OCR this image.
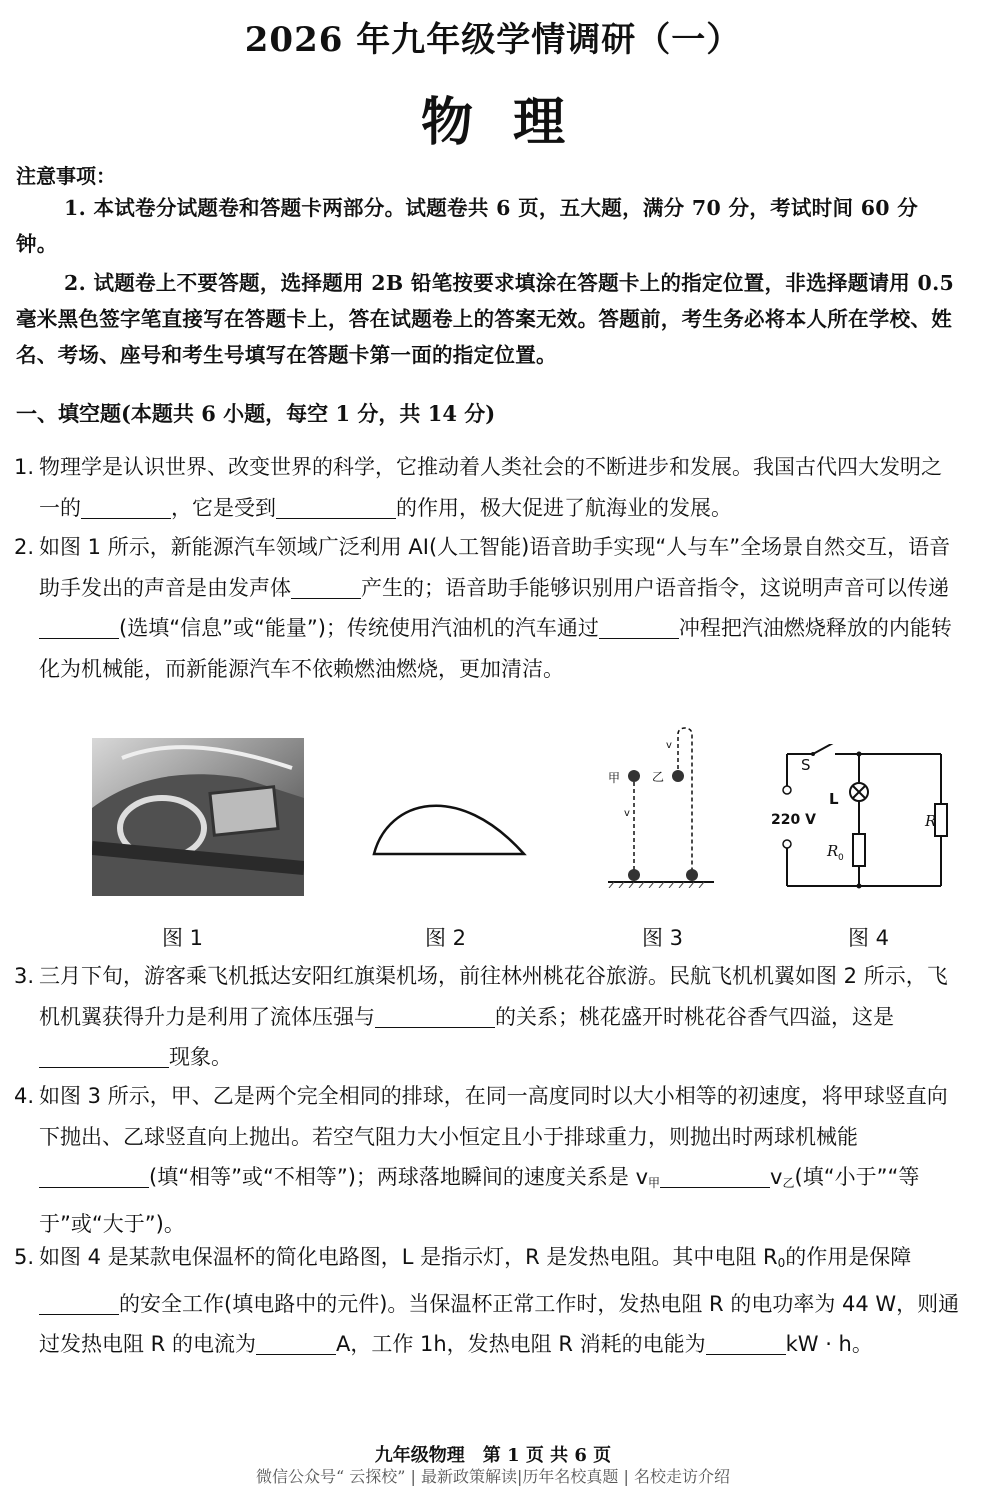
2026 年九年级学情调研（一）
物理
注意事项：
1. 本试卷分试题卷和答题卡两部分。试题卷共 6 页，五大题，满分 70 分，考试时间 60 分钟。
2. 试题卷上不要答题，选择题用 2B 铅笔按要求填涂在答题卡上的指定位置，非选择题请用 0.5 毫米黑色签字笔直接写在答题卡上，答在试题卷上的答案无效。答题前，考生务必将本人所在学校、姓名、考场、座号和考生号填写在答题卡第一面的指定位置。
一、填空题(本题共 6 小题，每空 1 分，共 14 分)
1. 物理学是认识世界、改变世界的科学，它推动着人类社会的不断进步和发展。我国古代四大发明之一的	，它是受到	的作用，极大促进了航海业的发展。
2. 如图 1 所示，新能源汽车领域广泛利用 AI(人工智能)语音助手实现“人与车”全场景自然交互，语音助手发出的声音是由发声体	产生的；语音助手能够识别用户语音指令，这说明声音可以传递(选填“信息”或“能量”)；传统使用汽油机的汽车通过	冲程把汽油燃烧释放的内能转化为机械能，而新能源汽车不依赖燃油燃烧，更加清洁。
甲	乙
v
v
S
L
220 V
R 0
R
图 1	图 2	图 3	图 4
3. 三月下旬，游客乘飞机抵达安阳红旗渠机场，前往林州桃花谷旅游。民航飞机机翼如图 2 所示，飞机机翼获得升力是利用了流体压强与	的关系；桃花盛开时桃花谷香气四溢，这是现象。
4. 如图 3 所示，甲、乙是两个完全相同的排球，在同一高度同时以大小相等的初速度，将甲球竖直向下抛出、乙球竖直向上抛出。若空气阻力大小恒定且小于排球重力，则抛出时两球机械能(填“相等”或“不相等”)；两球落地瞬间的速度关系是 $v_甲$	$v_乙$(填“小于”“等于”或“大于”)。
5. 如图 4 是某款电保温杯的简化电路图，L 是指示灯，R 是发热电阻。其中电阻 $R_0$的作用是保障的安全工作(填电路中的元件)。当保温杯正常工作时，发热电阻 R 的电功率为 44 W，则通过发热电阻 R 的电流为	A，工作 1h，发热电阻 R 消耗的电能为	kW · h。
九年级物理　第 1 页 共 6 页
微信公众号“ 云探校” | 最新政策解读|历年名校真题 | 名校走访介绍
